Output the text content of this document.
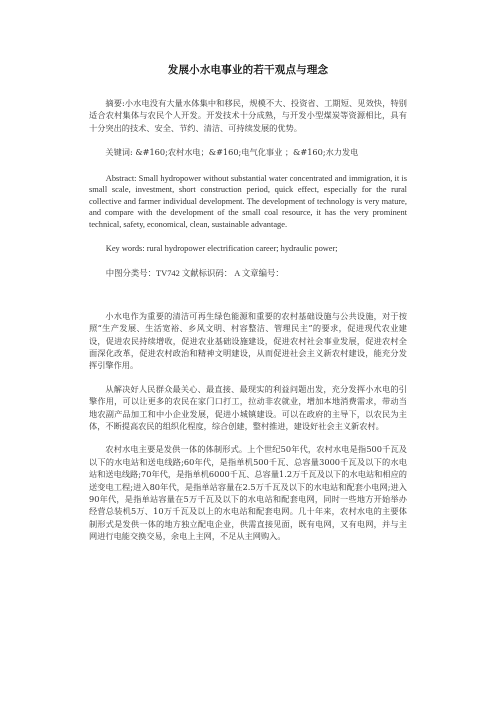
发展小水电事业的若干观点与理念

摘要:小水电没有大量水体集中和移民，规模不大、投资省、工期短、见效快，特别适合农村集体与农民个人开发。开发技术十分成熟，与开发小型煤炭等资源相比，具有十分突出的技术、安全、节约、清洁、可持续发展的优势。

关键词: &#160;农村水电；&#160;电气化事业 ；&#160;水力发电

Abstract: Small hydropower without substantial water concentrated and immigration, it is small scale, investment, short construction period, quick effect, especially for the rural collective and farmer individual development. The development of technology is very mature, and compare with the development of the small coal resource, it has the very prominent technical, safety, economical, clean, sustainable advantage.

Key words: rural hydropower electrification career; hydraulic power;

中图分类号：TV742 文献标识码： A 文章编号：

小水电作为重要的清洁可再生绿色能源和重要的农村基础设施与公共设施，对于按照“生产发展、生活宽裕、乡风文明、村容整洁、管理民主”的要求，促进现代农业建设，促进农民持续增收，促进农业基础设施建设，促进农村社会事业发展，促进农村全面深化改革，促进农村政治和精神文明建设，从而促进社会主义新农村建设，能充分发挥引擎作用。

从解决好人民群众最关心、最直接、最现实的利益问题出发，充分发挥小水电的引擎作用，可以让更多的农民在家门口打工，拉动非农就业，增加本地消费需求，带动当地农副产品加工和中小企业发展，促进小城镇建设。可以在政府的主导下，以农民为主体，不断提高农民的组织化程度，综合创建，整村推进，建设好社会主义新农村。

农村水电主要是发供一体的体制形式。上个世纪50年代，农村水电是指500千瓦及以下的水电站和送电线路;60年代，是指单机500千瓦、总容量3000千瓦及以下的水电站和送电线路;70年代，是指单机6000千瓦、总容量1.2万千瓦及以下的水电站和相应的送变电工程;进入80年代，是指单站容量在2.5万千瓦及以下的水电站和配套小电网;进入90年代，是指单站容量在5万千瓦及以下的水电站和配套电网，同时一些地方开始举办经营总装机5万、10万千瓦及以上的水电站和配套电网。几十年来，农村水电的主要体制形式是发供一体的地方独立配电企业，供需直接见面，既有电网，又有电网，并与主网进行电能交换交易，余电上主网，不足从主网购入。
